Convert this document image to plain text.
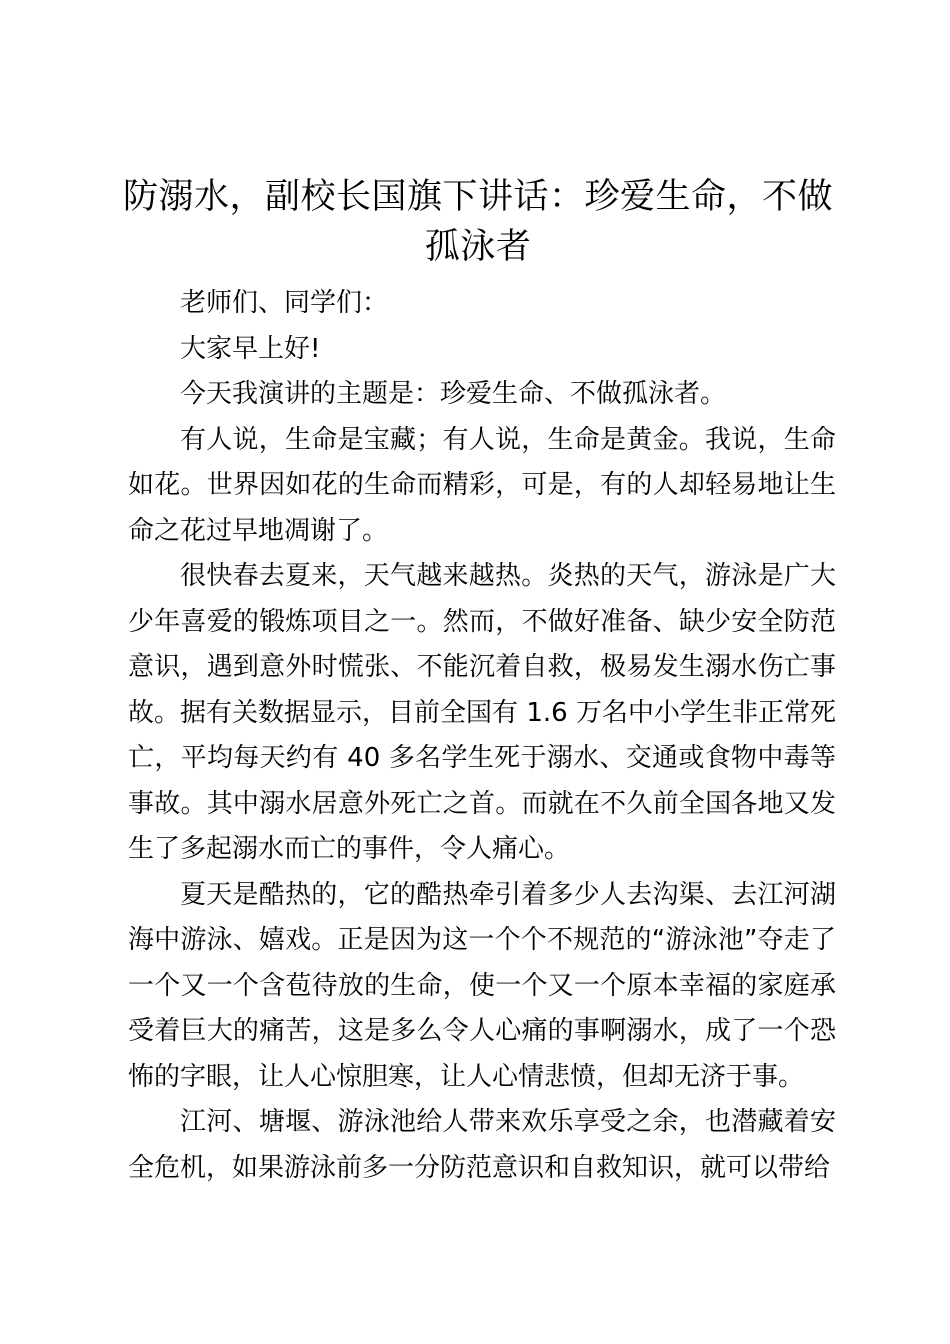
防溺水，副校长国旗下讲话：珍爱生命，不做孤泳者

老师们、同学们：

大家早上好!

今天我演讲的主题是：珍爱生命、不做孤泳者。

有人说，生命是宝藏；有人说，生命是黄金。我说，生命如花。世界因如花的生命而精彩，可是，有的人却轻易地让生命之花过早地凋谢了。

很快春去夏来，天气越来越热。炎热的天气，游泳是广大少年喜爱的锻炼项目之一。然而，不做好准备、缺少安全防范意识，遇到意外时慌张、不能沉着自救，极易发生溺水伤亡事故。据有关数据显示，目前全国有 1.6 万名中小学生非正常死亡，平均每天约有 40 多名学生死于溺水、交通或食物中毒等事故。其中溺水居意外死亡之首。而就在不久前全国各地又发生了多起溺水而亡的事件，令人痛心。

夏天是酷热的，它的酷热牵引着多少人去沟渠、去江河湖海中游泳、嬉戏。正是因为这一个个不规范的“游泳池”夺走了一个又一个含苞待放的生命，使一个又一个原本幸福的家庭承受着巨大的痛苦，这是多么令人心痛的事啊溺水，成了一个恐怖的字眼，让人心惊胆寒，让人心情悲愤，但却无济于事。

江河、塘堰、游泳池给人带来欢乐享受之余，也潜藏着安全危机，如果游泳前多一分防范意识和自救知识，就可以带给
